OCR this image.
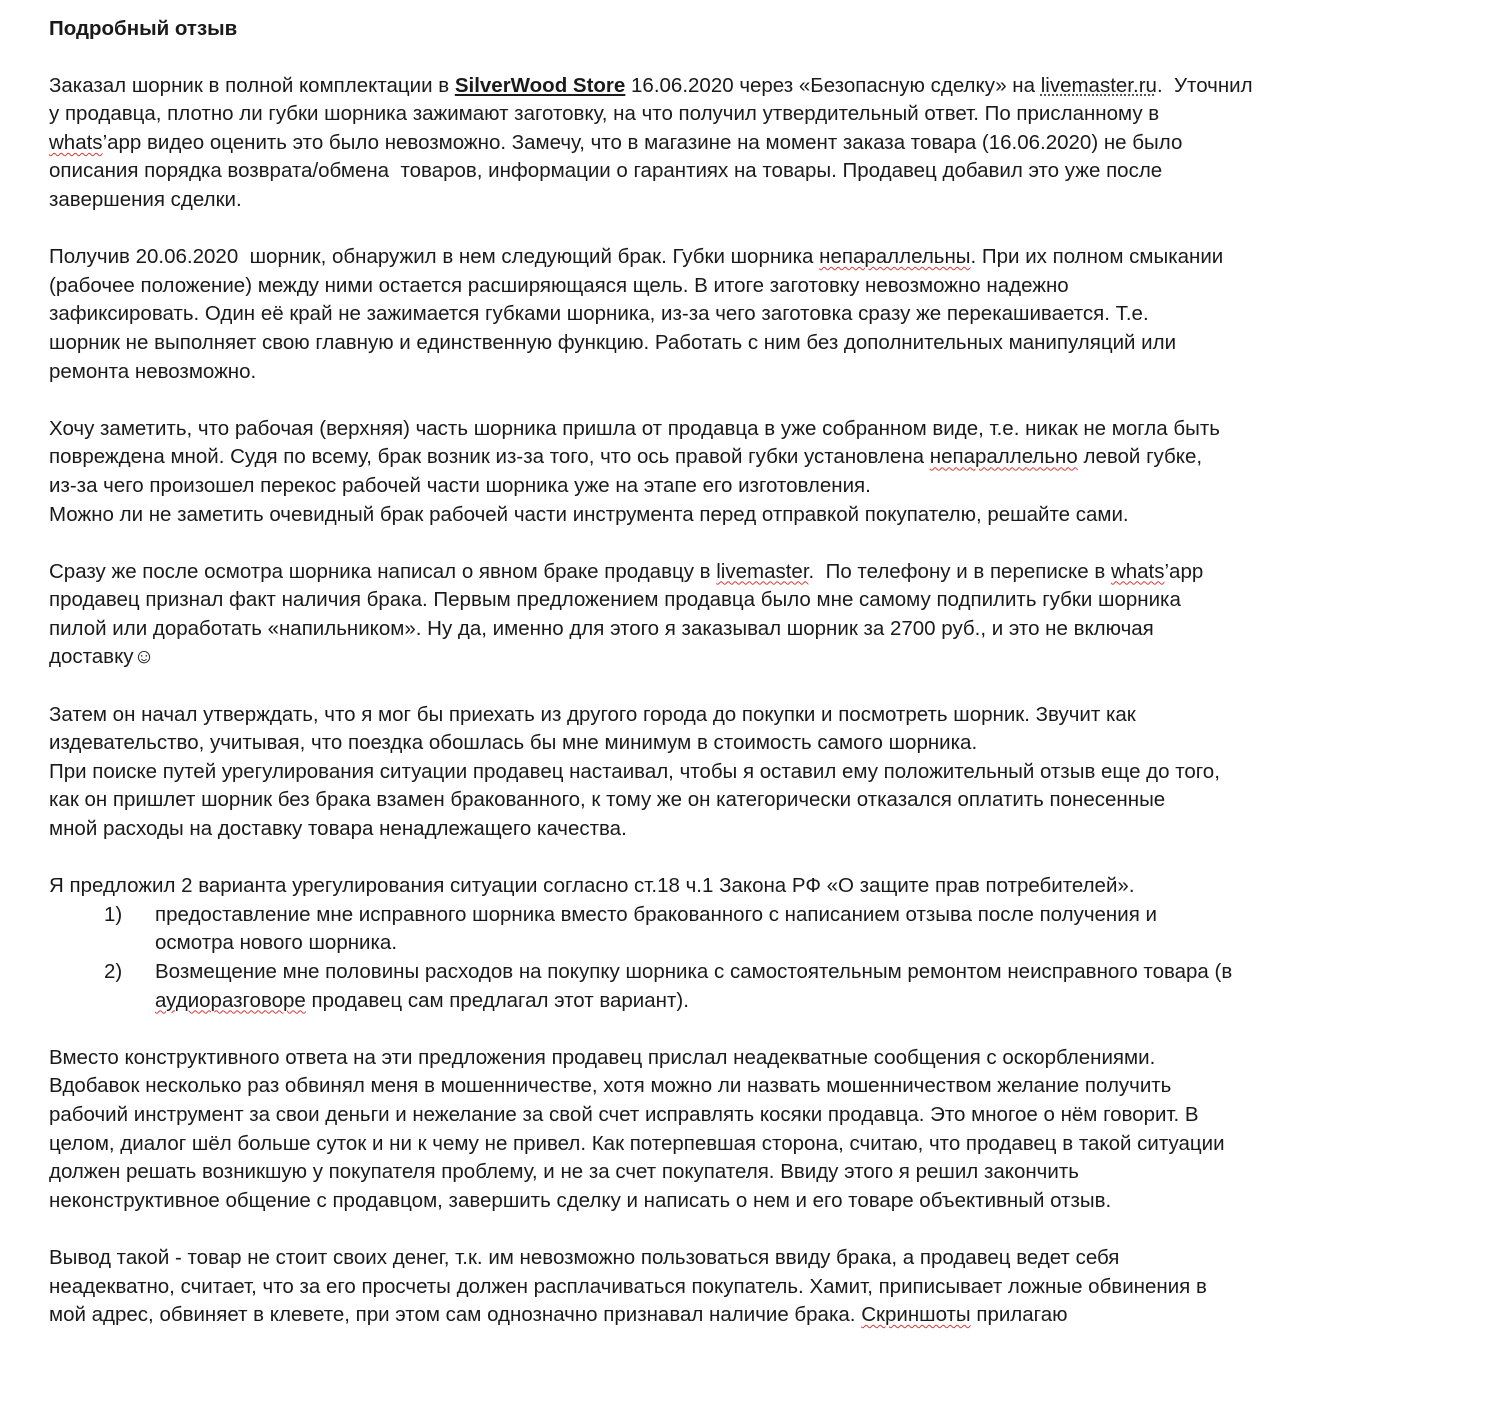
Подробный отзыв

Заказал шорник в полной комплектации в SilverWood Store 16.06.2020 через «Безопасную сделку» на livemaster.ru.  Уточнил

у продавца, плотно ли губки шорника зажимают заготовку, на что получил утвердительный ответ. По присланному в

whats’app видео оценить это было невозможно. Замечу, что в магазине на момент заказа товара (16.06.2020) не было

описания порядка возврата/обмена  товаров, информации о гарантиях на товары. Продавец добавил это уже после

завершения сделки.

Получив 20.06.2020  шорник, обнаружил в нем следующий брак. Губки шорника непараллельны. При их полном смыкании

(рабочее положение) между ними остается расширяющаяся щель. В итоге заготовку невозможно надежно

зафиксировать. Один её край не зажимается губками шорника, из-за чего заготовка сразу же перекашивается. Т.е.

шорник не выполняет свою главную и единственную функцию. Работать с ним без дополнительных манипуляций или

ремонта невозможно.

Хочу заметить, что рабочая (верхняя) часть шорника пришла от продавца в уже собранном виде, т.е. никак не могла быть

повреждена мной. Судя по всему, брак возник из-за того, что ось правой губки установлена непараллельно левой губке,

из-за чего произошел перекос рабочей части шорника уже на этапе его изготовления.

Можно ли не заметить очевидный брак рабочей части инструмента перед отправкой покупателю, решайте сами.

Сразу же после осмотра шорника написал о явном браке продавцу в livemaster.  По телефону и в переписке в whats’app

продавец признал факт наличия брака. Первым предложением продавца было мне самому подпилить губки шорника

пилой или доработать «напильником». Ну да, именно для этого я заказывал шорник за 2700 руб., и это не включая

доставку☺

Затем он начал утверждать, что я мог бы приехать из другого города до покупки и посмотреть шорник. Звучит как

издевательство, учитывая, что поездка обошлась бы мне минимум в стоимость самого шорника.

При поиске путей урегулирования ситуации продавец настаивал, чтобы я оставил ему положительный отзыв еще до того,

как он пришлет шорник без брака взамен бракованного, к тому же он категорически отказался оплатить понесенные

мной расходы на доставку товара ненадлежащего качества.

Я предложил 2 варианта урегулирования ситуации согласно ст.18 ч.1 Закона РФ «О защите прав потребителей».

1) предоставление мне исправного шорника вместо бракованного с написанием отзыва после получения и

осмотра нового шорника.

2) Возмещение мне половины расходов на покупку шорника с самостоятельным ремонтом неисправного товара (в

аудиоразговоре продавец сам предлагал этот вариант).

Вместо конструктивного ответа на эти предложения продавец прислал неадекватные сообщения с оскорблениями.

Вдобавок несколько раз обвинял меня в мошенничестве, хотя можно ли назвать мошенничеством желание получить

рабочий инструмент за свои деньги и нежелание за свой счет исправлять косяки продавца. Это многое о нём говорит. В

целом, диалог шёл больше суток и ни к чему не привел. Как потерпевшая сторона, считаю, что продавец в такой ситуации

должен решать возникшую у покупателя проблему, и не за счет покупателя. Ввиду этого я решил закончить

неконструктивное общение с продавцом, завершить сделку и написать о нем и его товаре объективный отзыв.

Вывод такой - товар не стоит своих денег, т.к. им невозможно пользоваться ввиду брака, а продавец ведет себя

неадекватно, считает, что за его просчеты должен расплачиваться покупатель. Хамит, приписывает ложные обвинения в

мой адрес, обвиняет в клевете, при этом сам однозначно признавал наличие брака. Скриншоты прилагаю
